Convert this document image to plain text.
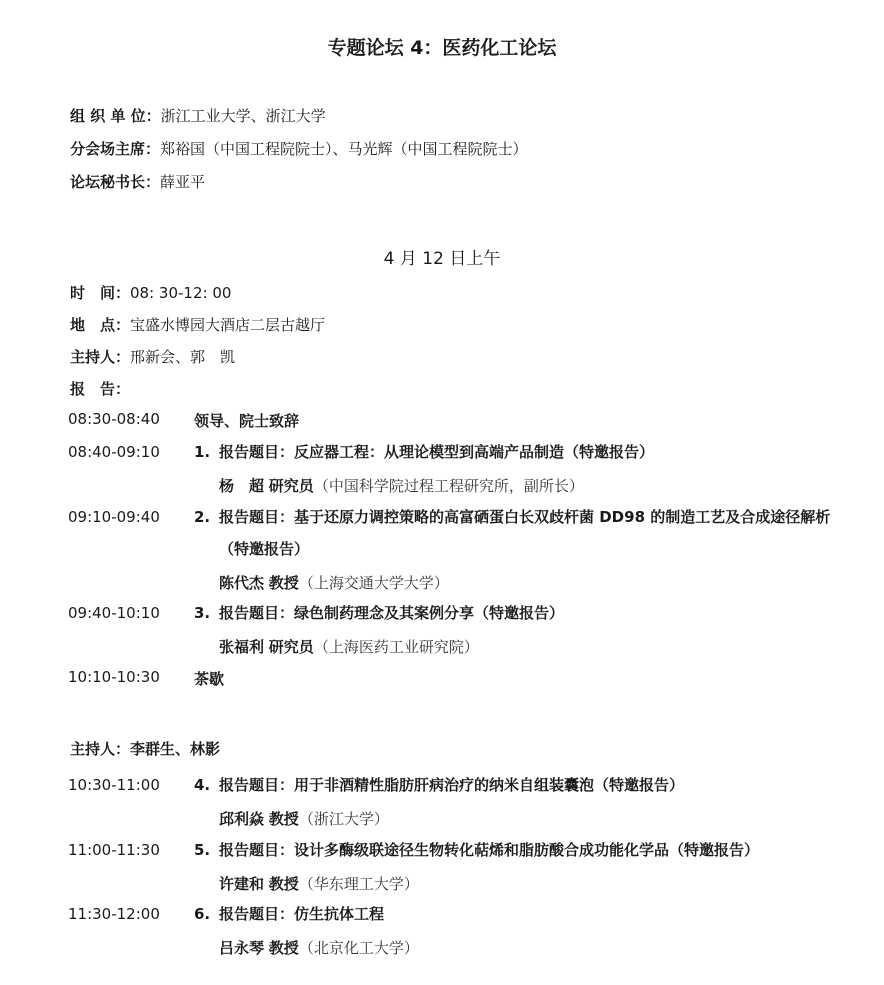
专题论坛 4：医药化工论坛
组 织 单 位：浙江工业大学、浙江大学
分会场主席：郑裕国（中国工程院院士）、马光辉（中国工程院院士）
论坛秘书长：薛亚平
4 月 12 日上午
时　间：08: 30-12: 00
地　点：宝盛水博园大酒店二层古越厅
主持人：邢新会、郭　凯
报　告：
08:30-08:40	领导、院士致辞
08:40-09:10	1. 报告题目：反应器工程：从理论模型到高端产品制造（特邀报告）
杨　超 研究员（中国科学院过程工程研究所，副所长）
09:10-09:40	2. 报告题目：基于还原力调控策略的高富硒蛋白长双歧杆菌 DD98 的制造工艺及合成途径解析（特邀报告）
陈代杰 教授（上海交通大学大学）
09:40-10:10	3. 报告题目：绿色制药理念及其案例分享（特邀报告）
张福利 研究员（上海医药工业研究院）
10:10-10:30	茶歇
主持人：李群生、林影
10:30-11:00	4. 报告题目：用于非酒精性脂肪肝病治疗的纳米自组装囊泡（特邀报告）
邱利焱 教授（浙江大学）
11:00-11:30	5. 报告题目：设计多酶级联途径生物转化萜烯和脂肪酸合成功能化学品（特邀报告）
许建和 教授（华东理工大学）
11:30-12:00	6. 报告题目：仿生抗体工程
吕永琴 教授（北京化工大学）
